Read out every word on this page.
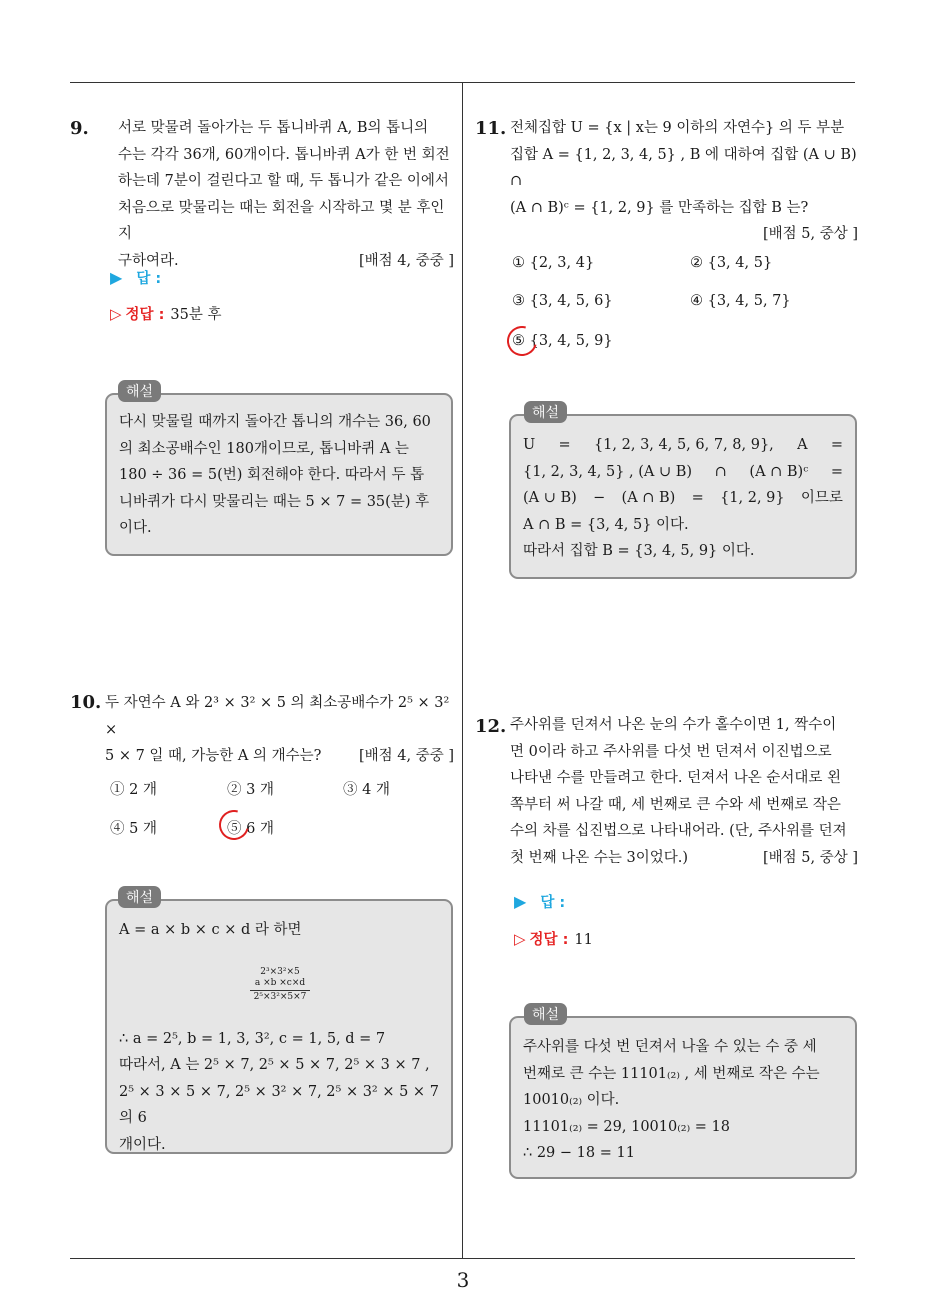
9. 서로 맞물려 돌아가는 두 톱니바퀴 A, B의 톱니의
수는 각각 36개, 60개이다. 톱니바퀴 A가 한 번 회전
하는데 7분이 걸린다고 할 때, 두 톱니가 같은 이에서
처음으로 맞물리는 때는 회전을 시작하고 몇 분 후인지
구하여라.	[배점 4, 중중 ]
▶ 답 :
▷ 정답 : 35분 후
다시 맞물릴 때까지 돌아간 톱니의 개수는 36, 60
의 최소공배수인 180개이므로, 톱니바퀴 A 는
180 ÷ 36 = 5(번) 회전해야 한다. 따라서 두 톱
니바퀴가 다시 맞물리는 때는 5 × 7 = 35(분) 후
이다.
해설
10. 두 자연수 A 와 2³ × 3² × 5 의 최소공배수가 2⁵ × 3² ×
5 × 7 일 때, 가능한 A 의 개수는?	[배점 4, 중중 ]
① 2 개	② 3 개	③ 4 개
④ 5 개	⑤ 6 개
A = a × b × c × d 라 하면
2³×3²×5
a ×b ×c×d
2⁵×3²×5×7
∴ a = 2⁵, b = 1, 3, 3², c = 1, 5, d = 7
따라서, A 는 2⁵ × 7, 2⁵ × 5 × 7, 2⁵ × 3 × 7 ,
2⁵ × 3 × 5 × 7, 2⁵ × 3² × 7, 2⁵ × 3² × 5 × 7 의 6
개이다.
해설
11. 전체집합 U = {x | x는 9 이하의 자연수} 의 두 부분
집합 A = {1, 2, 3, 4, 5} , B 에 대하여 집합 (A ∪ B) ∩
(A ∩ B)ᶜ = {1, 2, 9} 를 만족하는 집합 B 는?
[배점 5, 중상 ]
① {2, 3, 4}	② {3, 4, 5}
③ {3, 4, 5, 6}	④ {3, 4, 5, 7}
⑤ {3, 4, 5, 9}
U = {1, 2, 3, 4, 5, 6, 7, 8, 9}, A =
{1, 2, 3, 4, 5} , (A ∪ B) ∩ (A ∩ B)ᶜ =
(A ∪ B) − (A ∩ B) = {1, 2, 9} 이므로
A ∩ B = {3, 4, 5} 이다.
따라서 집합 B = {3, 4, 5, 9} 이다.
해설
12. 주사위를 던져서 나온 눈의 수가 홀수이면 1, 짝수이
면 0이라 하고 주사위를 다섯 번 던져서 이진법으로
나타낸 수를 만들려고 한다. 던져서 나온 순서대로 왼
쪽부터 써 나갈 때, 세 번째로 큰 수와 세 번째로 작은
수의 차를 십진법으로 나타내어라. (단, 주사위를 던져
첫 번째 나온 수는 3이었다.)	[배점 5, 중상 ]
▶ 답 :
▷ 정답 : 11
주사위를 다섯 번 던져서 나올 수 있는 수 중 세
번째로 큰 수는 11101₍₂₎ , 세 번째로 작은 수는
10010₍₂₎ 이다.
11101₍₂₎ = 29, 10010₍₂₎ = 18
∴ 29 − 18 = 11
해설
3
